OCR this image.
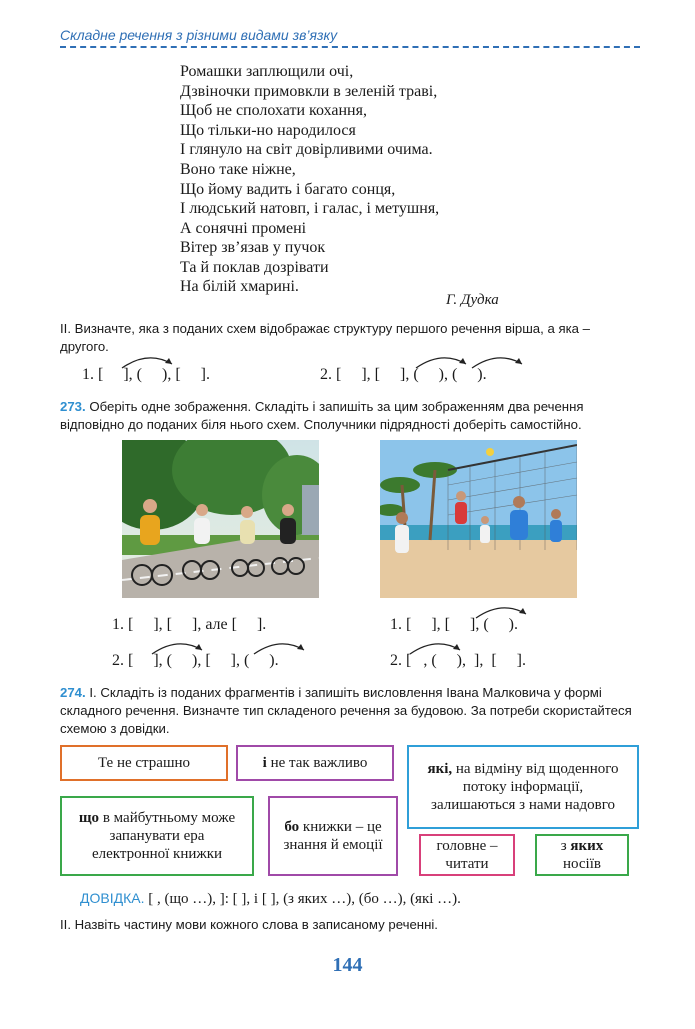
Складне речення з різними видами зв’язку
Ромашки заплющили очі,
Дзвіночки примовкли в зеленій траві,
Щоб не сполохати кохання,
Що тільки-но народилося
І глянуло на світ довірливими очима.
Воно таке ніжне,
Що йому вадить і багато сонця,
І людський натовп, і галас, і метушня,
А сонячні промені
Вітер зв’язав у пучок
Та й поклав дозрівати
На білій хмарині.
Г. Дудка
ІІ. Визначте, яка з поданих схем відображає структуру першого речення вірша, а яка – другого.
1. [     ], (     ), [     ].	2. [     ], [     ], (     ), (     ).
273. Оберіть одне зображення. Складіть і запишіть за цим зображенням два речення відповідно до поданих біля нього схем. Сполучники підрядності доберіть самостійно.
1. [     ], [     ], але [     ].
2. [     ], (     ), [     ], (     ).
1. [     ], [     ], (     ).
2. [   , (     ),  ],  [     ].
274. І. Складіть із поданих фрагментів і запишіть висловлення Івана Малковича у формі складного речення. Визначте тип складеного речення за будовою. За потреби скористайтеся схемою з довідки.
Те не страшно	і не так важливо	які, на відміну від щоденного потоку інформації, залишаються з нами надовго
що в майбутньому може запанувати ера електронної книжки
бо книжки – це знання й емоції	головне – читати
з яких
носіїв
ДОВІДКА. [ , (що …), ]: [ ], і [ ], (з яких …), (бо …), (які …).
ІІ. Назвіть частину мови кожного слова в записаному реченні.
144
